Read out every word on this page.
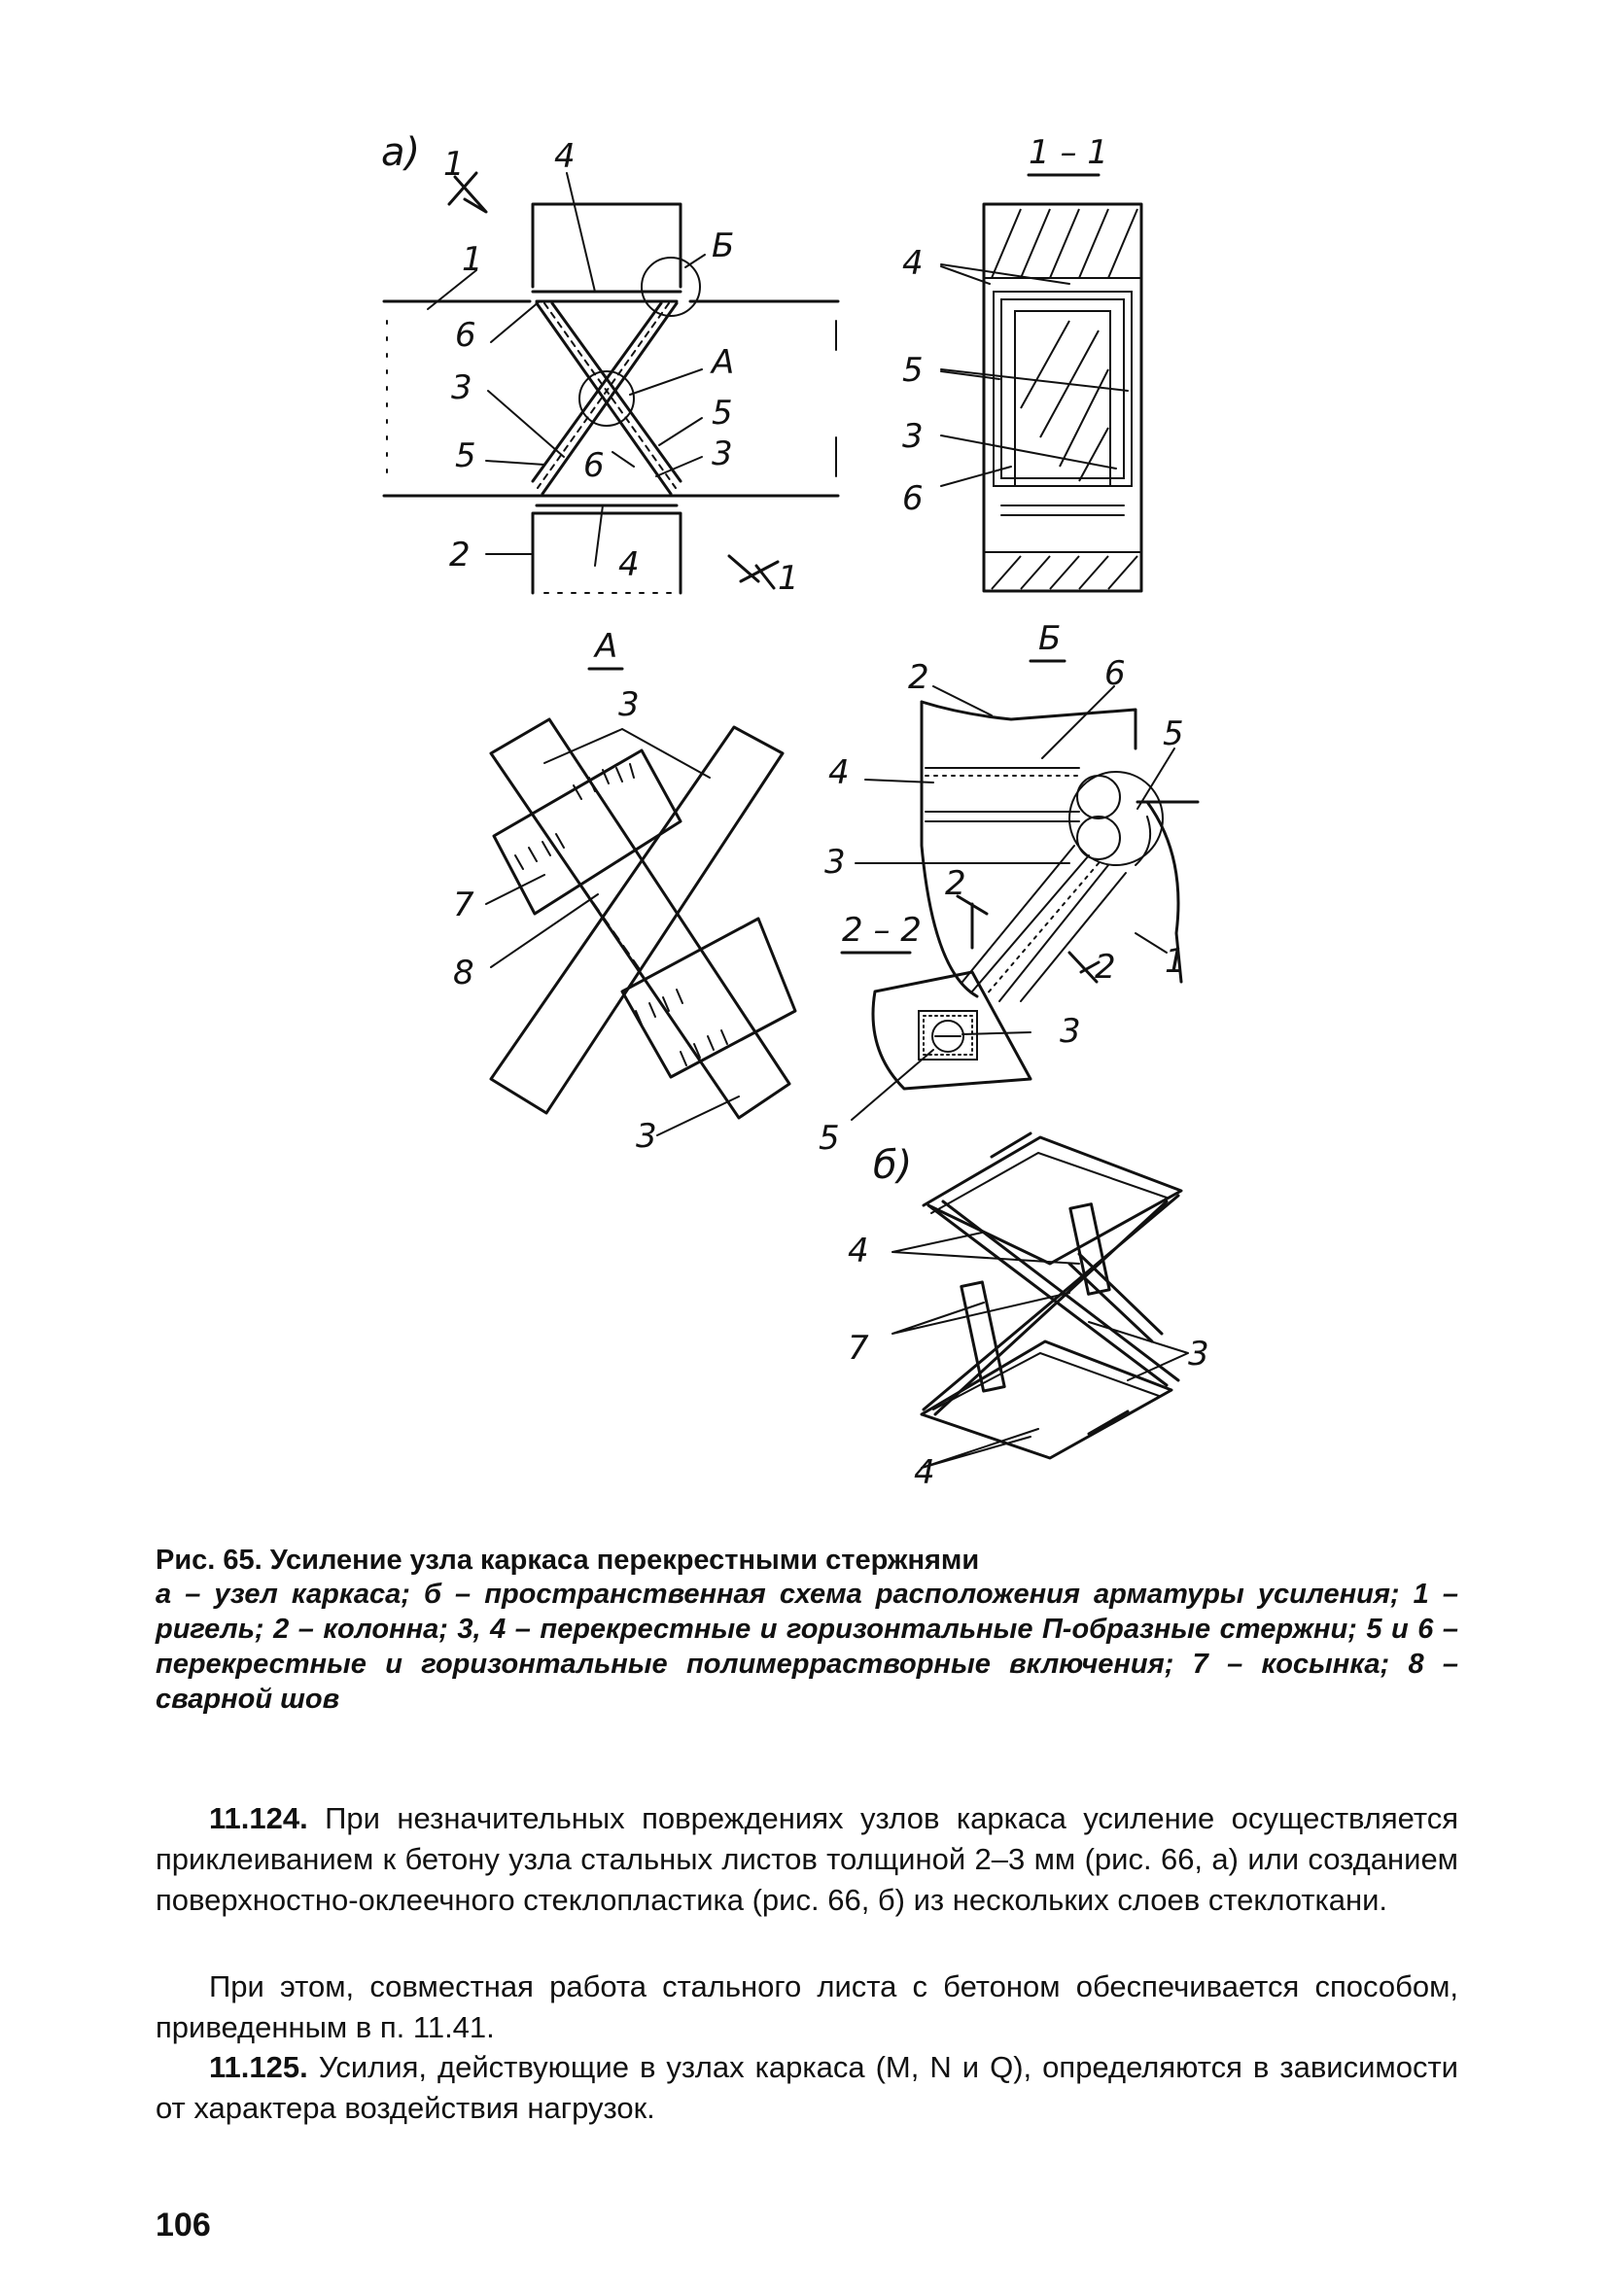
а)	4
1
6
3
5	6
Б
А
5
3
2	4
1
1
1 – 1
4
5
3
6
А
3
7
8
3
Б
2	6
5
4
3
1
2
2
2 – 2
3
5
б)
4
7	3
4
Рис. 65. Усиление узла каркаса перекрестными стержнями
а – узел каркаса; б – пространственная схема расположения арматуры усиления; 1 – ригель; 2 – колонна; 3, 4 – перекрестные и горизонтальные П-образные стержни; 5 и 6 – перекрестные и горизонтальные полимеррастворные включения; 7 – косынка; 8 – сварной шов
11.124. При незначительных повреждениях узлов каркаса усиление осуществляется приклеиванием к бетону узла стальных листов толщиной 2–3 мм (рис. 66, а) или созданием поверхностно-оклеечного стеклопластика (рис. 66, б) из нескольких слоев стеклоткани.
При этом, совместная работа стального листа с бетоном обеспечивается способом, приведенным в п. 11.41.
11.125. Усилия, действующие в узлах каркаса (M, N и Q), определяются в зависимости от характера воздействия нагрузок.
106
